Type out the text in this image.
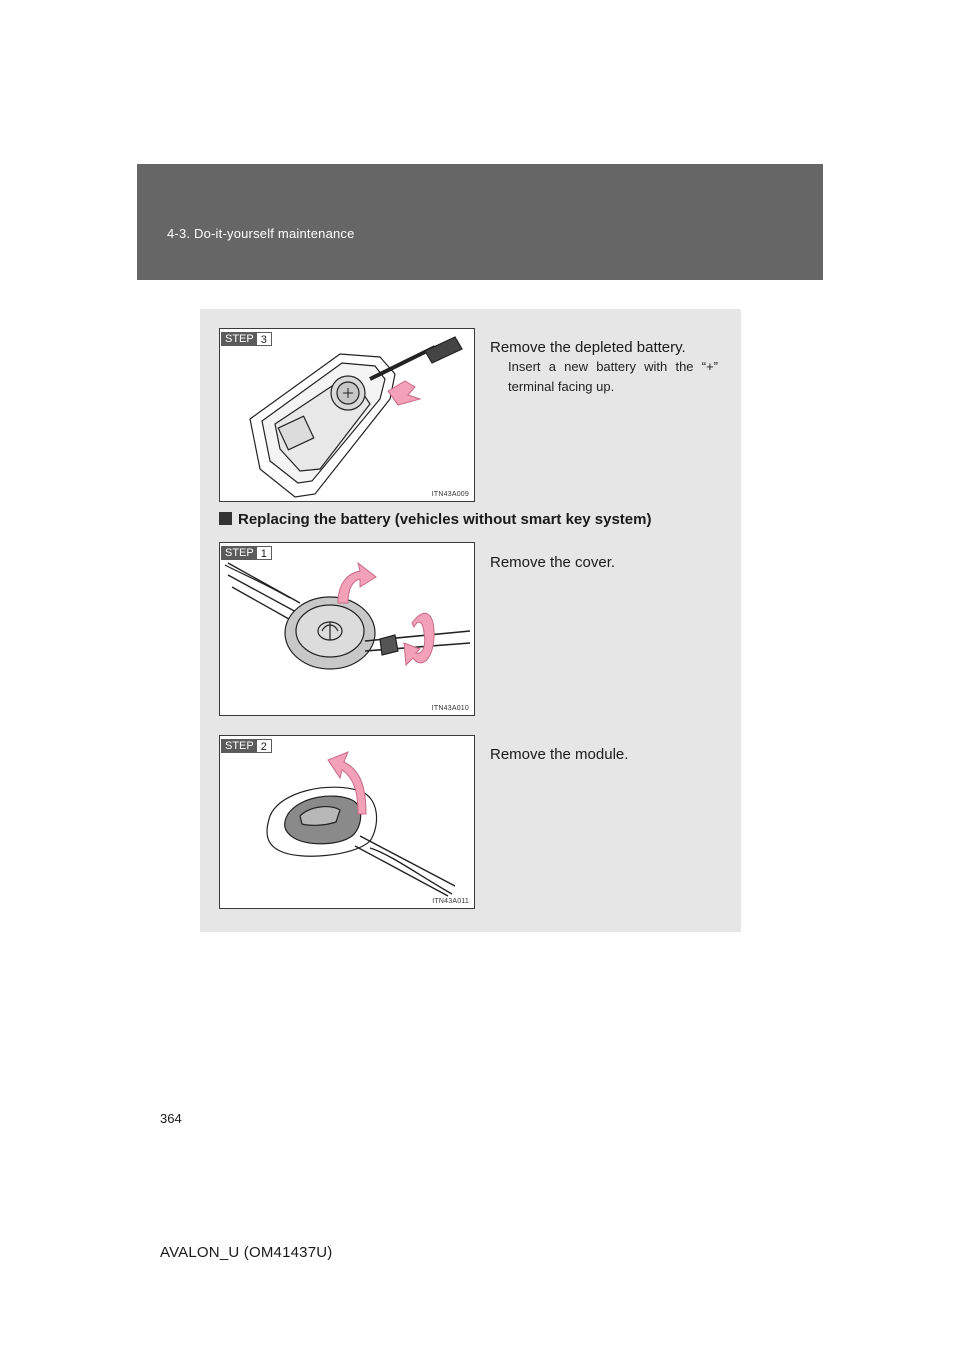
4-3. Do-it-yourself maintenance
STEP 3
ITN43A009
Remove the depleted battery.
Insert a new battery with the “+” terminal facing up.
Replacing the battery (vehicles without smart key system)
STEP 1
ITN43A010
Remove the cover.
STEP 2
ITN43A011
Remove the module.
364
AVALON_U (OM41437U)
